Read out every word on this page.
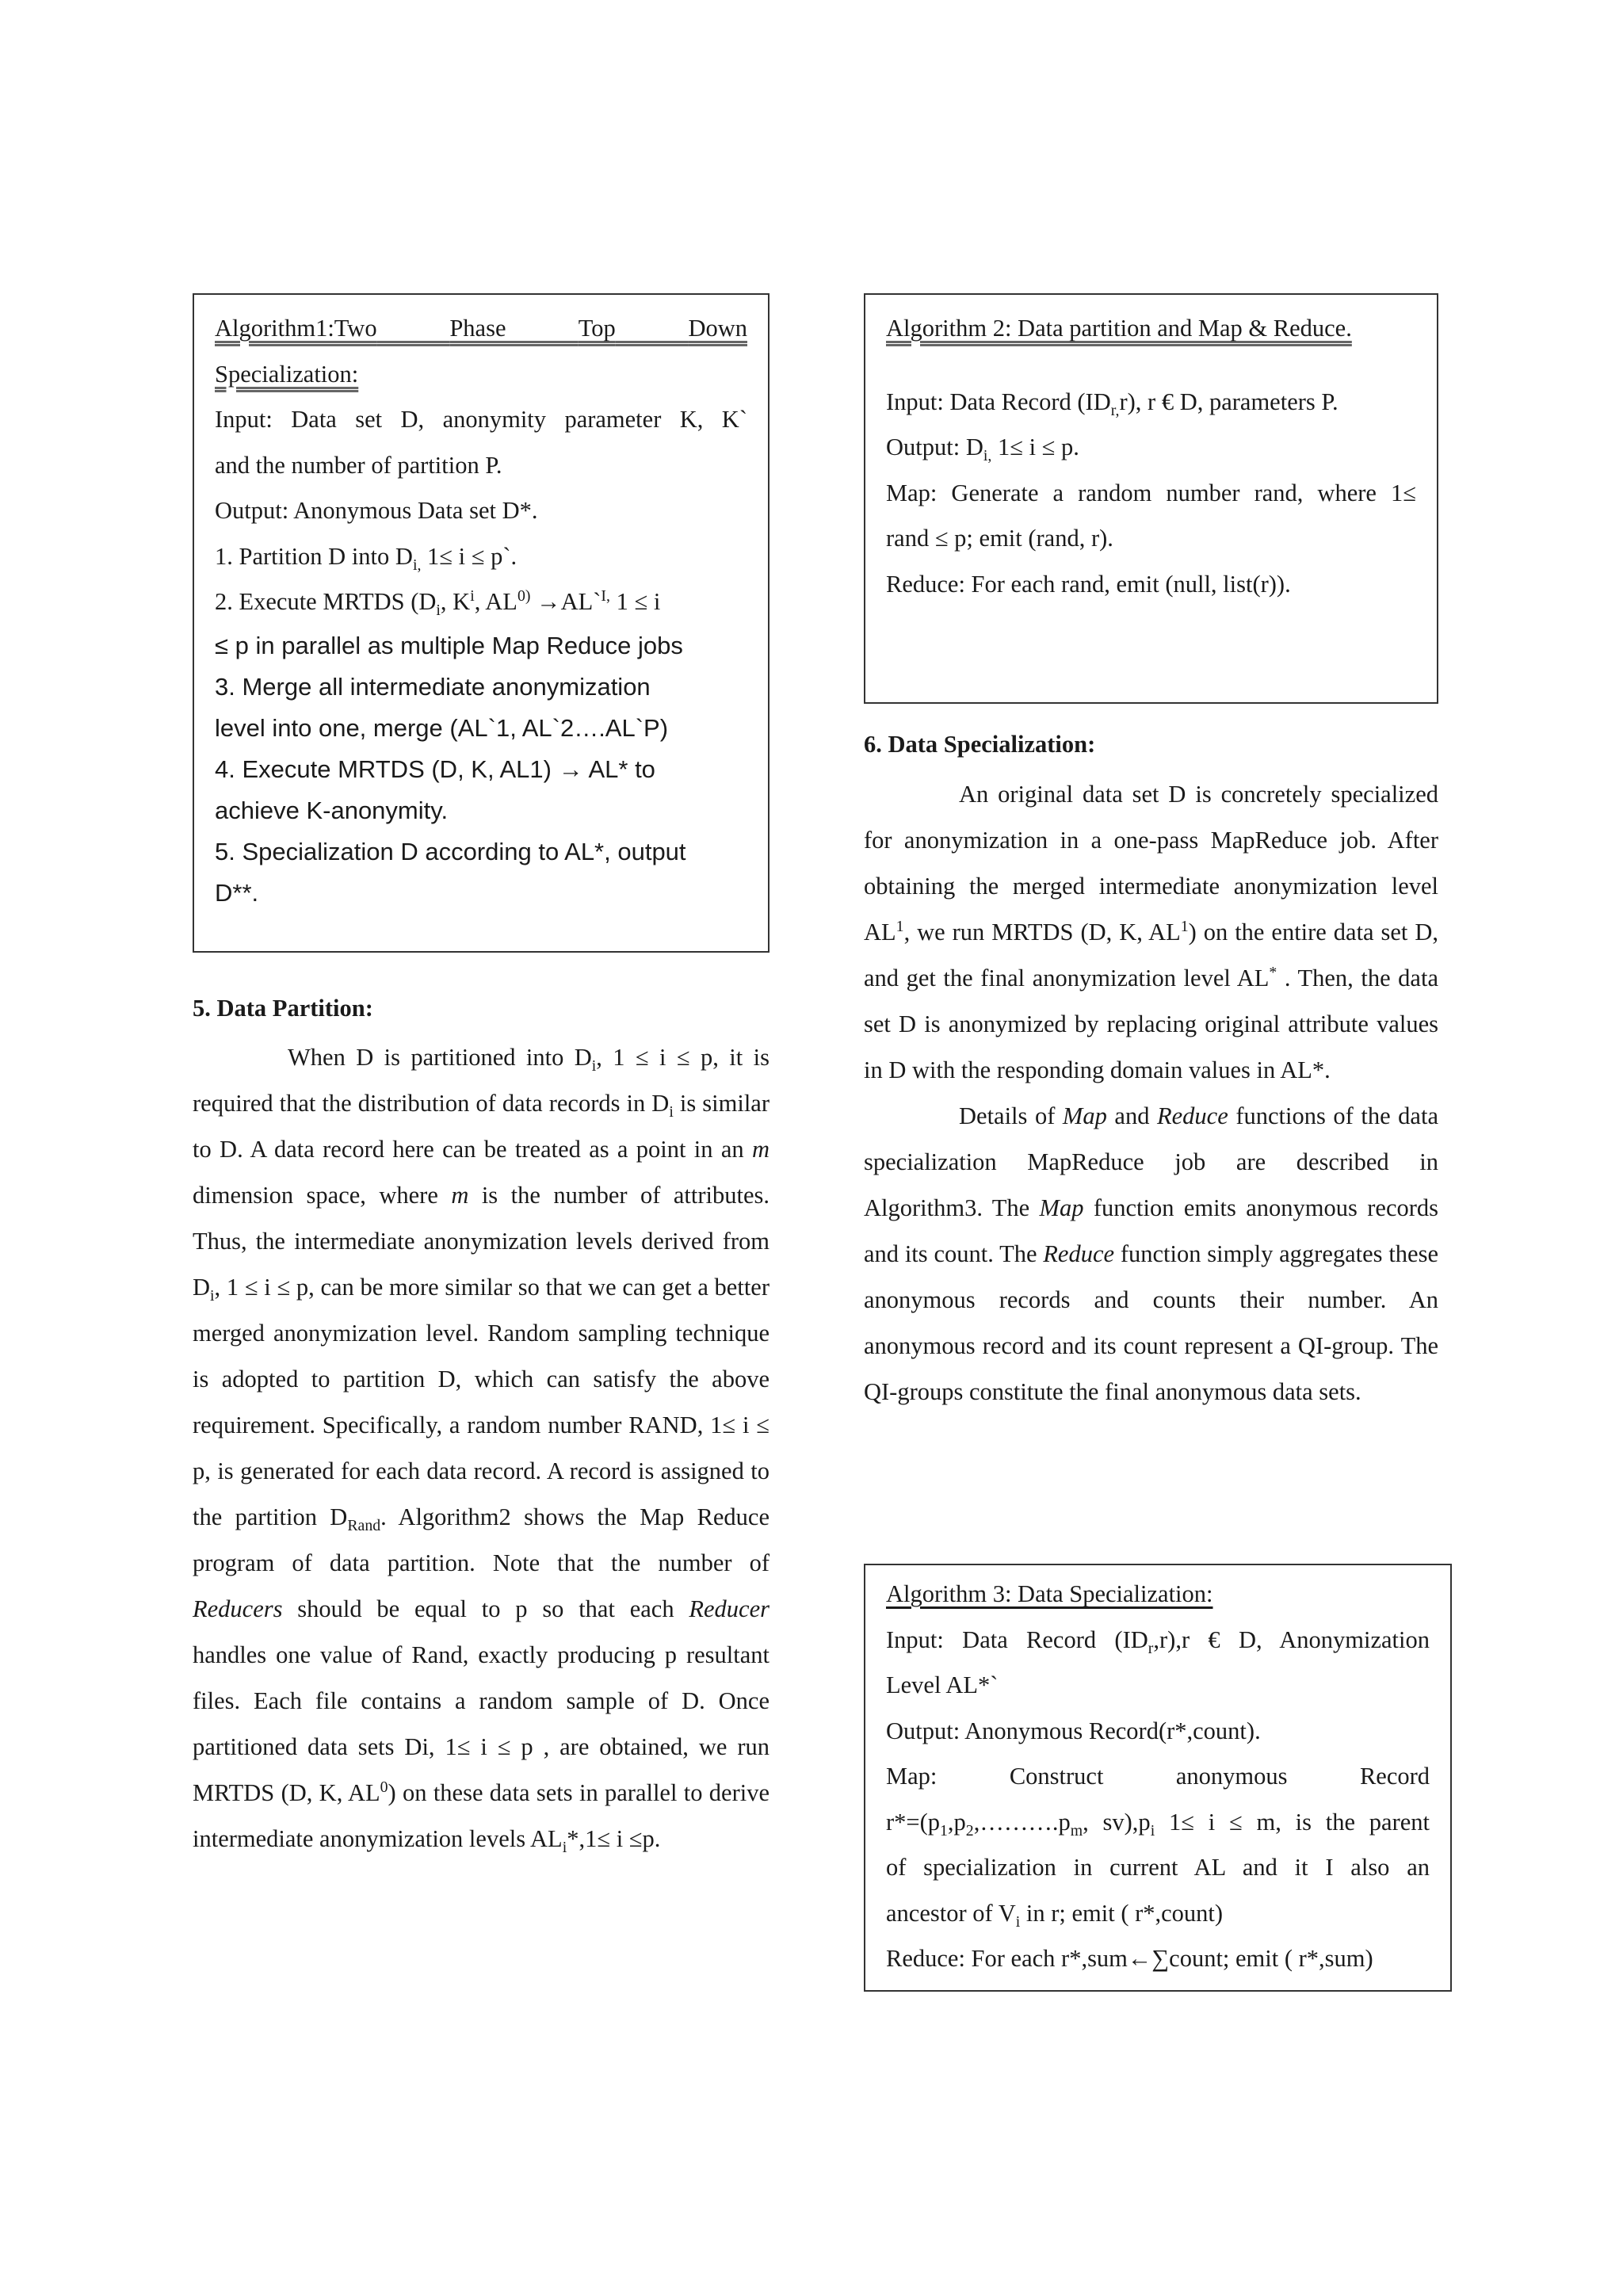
Algorithm1:Two	Phase	Top	Down

Specialization:

Input: Data set D, anonymity parameter K, K`

and the number of partition P.

Output: Anonymous Data set D*.

1. Partition D into $D_{i,}$ 1≤ i ≤ p`.

2. Execute MRTDS ($D_i$, $K^i$, $AL^{0)}$ →AL`$^{I,}$ 1 ≤ i

≤ p in parallel as multiple Map Reduce jobs

3. Merge all intermediate anonymization

level into one, merge (AL`1, AL`2….AL`P)

4. Execute MRTDS (D, K, AL1) → AL* to

achieve K-anonymity.

5. Specialization D according to AL*, output

D**.

5. Data Partition:

When D is partitioned into $D_i$, 1 ≤ i ≤ p, it is required that the distribution of data records in $D_i$ is similar to D. A data record here can be treated as a point in an m dimension space, where m is the number of attributes. Thus, the intermediate anonymization levels derived from $D_i$, 1 ≤ i ≤ p, can be more similar so that we can get a better merged anonymization level. Random sampling technique is adopted to partition D, which can satisfy the above requirement. Specifically, a random number RAND, 1≤ i ≤ p, is generated for each data record. A record is assigned to the partition $D_{Rand}$. Algorithm2 shows the Map Reduce program of data partition. Note that the number of Reducers should be equal to p so that each Reducer handles one value of Rand, exactly producing p resultant files. Each file contains a random sample of D. Once partitioned data sets Di, 1≤ i ≤ p , are obtained, we run MRTDS (D, K, $AL^0$) on these data sets in parallel to derive intermediate anonymization levels $AL_i*,1\le i \le p$.

Algorithm 2: Data partition and Map & Reduce.

Input: Data Record $(ID_{r,}r)$, r € D, parameters P.

Output: $D_{i,}$ 1≤ i ≤ p.

Map: Generate a random number rand, where 1≤

rand ≤ p; emit (rand, r).

Reduce: For each rand, emit (null, list(r)).

6. Data Specialization:

An original data set D is concretely specialized for anonymization in a one-pass MapReduce job. After obtaining the merged intermediate anonymization level $AL^1$, we run MRTDS (D, K, $AL^1$) on the entire data set D, and get the final anonymization level AL* . Then, the data set D is anonymized by replacing original attribute values in D with the responding domain values in AL*.

Details of Map and Reduce functions of the data specialization MapReduce job are described in Algorithm3. The Map function emits anonymous records and its count. The Reduce function simply aggregates these anonymous records and counts their number. An anonymous record and its count represent a QI-group. The QI-groups constitute the final anonymous data sets.

Algorithm 3: Data Specialization:

Input: Data Record $(ID_r,r),r$ € D, Anonymization

Level AL*`

Output: Anonymous Record(r*,count).

Map:	Construct	anonymous	Record

$r*=(p_1,p_2,\dots\dots\dots.p_m$, $sv),p_i$ 1≤ i ≤ m, is the parent

of specialization in current AL and it I also an

ancestor of $V_i$ in r; emit ( r*,count)

Reduce: For each r*,sum←∑count; emit ( r*,sum)
